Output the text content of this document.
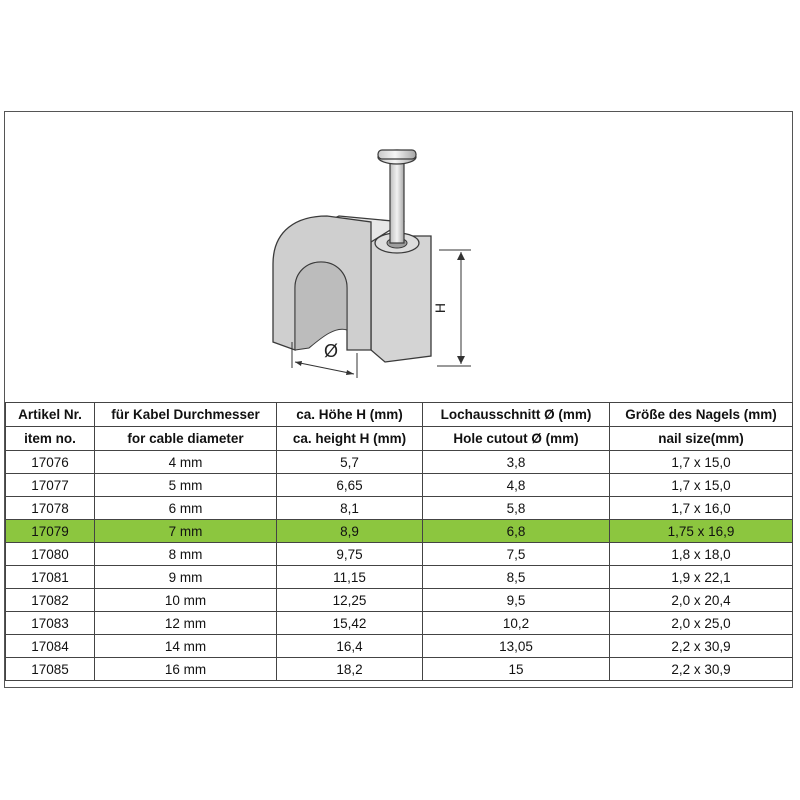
Ø
H
Artikel Nr.	für Kabel Durchmesser	ca. Höhe H (mm)	Lochausschnitt Ø (mm)	Größe des Nagels (mm)
item no.	for cable diameter	ca. height H (mm)	Hole cutout Ø (mm)	nail size(mm)
17076	4 mm	5,7	3,8	1,7 x 15,0
17077	5 mm	6,65	4,8	1,7 x 15,0
17078	6 mm	8,1	5,8	1,7 x 16,0
17079	7 mm	8,9	6,8	1,75 x 16,9
17080	8 mm	9,75	7,5	1,8 x 18,0
17081	9 mm	11,15	8,5	1,9 x 22,1
17082	10 mm	12,25	9,5	2,0 x 20,4
17083	12 mm	15,42	10,2	2,0 x 25,0
17084	14 mm	16,4	13,05	2,2 x 30,9
17085	16 mm	18,2	15	2,2 x 30,9
